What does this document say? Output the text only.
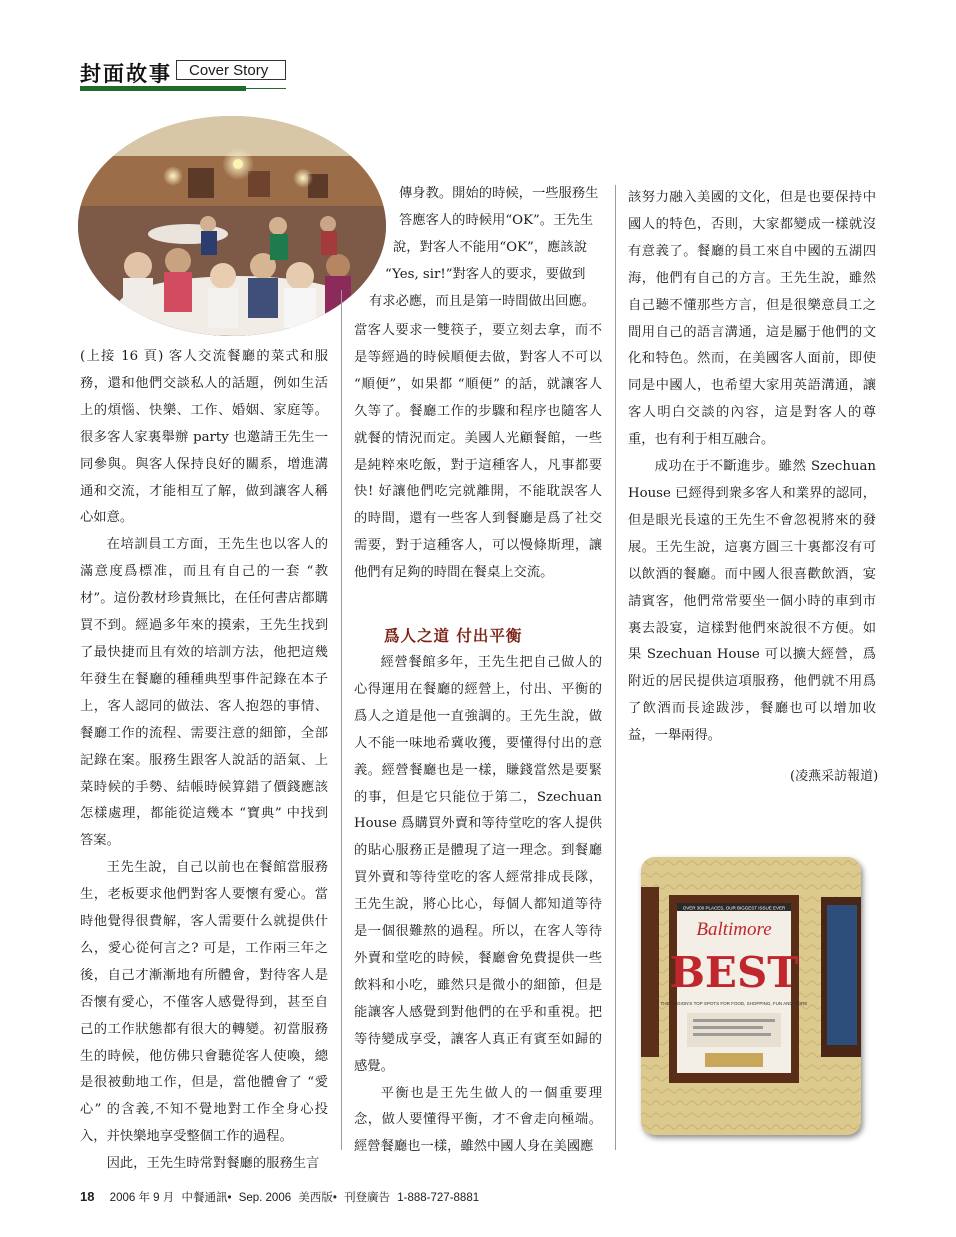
封面故事	Cover Story
傳身教。開始的時候，一些服務生
答應客人的時候用“OK”。王先生
說，對客人不能用“OK”，應該說
“Yes, sir!”對客人的要求，要做到
有求必應，而且是第一時間做出回應。

(上接 16 頁) 客人交流餐廳的菜式和服務，還和他們交談私人的話題，例如生活上的煩惱、快樂、工作、婚姻、家庭等。很多客人家裏舉辦 party 也邀請王先生一同參與。與客人保持良好的關系，增進溝通和交流，才能相互了解，做到讓客人稱心如意。

在培訓員工方面，王先生也以客人的滿意度爲標准，而且有自己的一套 “教材”。這份教材珍貴無比，在任何書店都購買不到。經過多年來的摸索，王先生找到了最快捷而且有效的培訓方法，他把這幾年發生在餐廳的種種典型事件記錄在本子上，客人認同的做法、客人抱怨的事情、餐廳工作的流程、需要注意的細節，全部記錄在案。服務生跟客人說話的語氣、上菜時候的手勢、結帳時候算錯了價錢應該怎樣處理，都能從這幾本 “寶典” 中找到答案。

王先生說，自己以前也在餐館當服務生，老板要求他們對客人要懷有愛心。當時他覺得很費解，客人需要什么就提供什么，愛心從何言之? 可是，工作兩三年之後，自己才漸漸地有所體會，對待客人是否懷有愛心，不僅客人感覺得到，甚至自己的工作狀態都有很大的轉變。初當服務生的時候，他仿佛只會聽從客人使喚，總是很被動地工作，但是，當他體會了 “愛心” 的含義,不知不覺地對工作全身心投入，并快樂地享受整個工作的過程。

因此，王先生時常對餐廳的服務生言

當客人要求一雙筷子，要立刻去拿，而不是等經過的時候順便去做，對客人不可以 “順便”，如果都 “順便” 的話，就讓客人久等了。餐廳工作的步驟和程序也隨客人就餐的情況而定。美國人光顧餐館，一些是純粹來吃飯，對于這種客人，凡事都要快! 好讓他們吃完就離開，不能耽誤客人的時間，還有一些客人到餐廳是爲了社交需要，對于這種客人，可以慢條斯理，讓他們有足夠的時間在餐桌上交流。

爲人之道 付出平衡

經營餐館多年，王先生把自己做人的心得運用在餐廳的經營上，付出、平衡的爲人之道是他一直強調的。王先生說，做人不能一味地希冀收獲，要懂得付出的意義。經營餐廳也是一樣，賺錢當然是要緊的事，但是它只能位于第二，Szechuan House 爲購買外賣和等待堂吃的客人提供的貼心服務正是體現了這一理念。到餐廳買外賣和等待堂吃的客人經常排成長隊，王先生說，將心比心，每個人都知道等待是一個很難熬的過程。所以，在客人等待外賣和堂吃的時候，餐廳會免費提供一些飲料和小吃，雖然只是微小的細節，但是能讓客人感覺到對他們的在乎和重視。把等待變成享受，讓客人真正有賓至如歸的感覺。

平衡也是王先生做人的一個重要理念，做人要懂得平衡，才不會走向極端。經營餐廳也一樣，雖然中國人身在美國應

該努力融入美國的文化，但是也要保持中國人的特色，否則，大家都變成一樣就沒有意義了。餐廳的員工來自中國的五湖四海，他們有自己的方言。王先生說，雖然自己聽不懂那些方言，但是很樂意員工之間用自己的語言溝通，這是屬于他們的文化和特色。然而，在美國客人面前，即使同是中國人，也希望大家用英語溝通，讓客人明白交談的內容，這是對客人的尊重，也有利于相互融合。

成功在于不斷進步。雖然 Szechuan House 已經得到衆多客人和業界的認同，但是眼光長遠的王先生不會忽視將來的發展。王先生說，這裏方圓三十裏都沒有可以飲酒的餐廳。而中國人很喜歡飲酒，宴請賓客，他們常常要坐一個小時的車到市裏去設宴，這樣對他們來說很不方便。如果 Szechuan House 可以擴大經營，爲附近的居民提供這項服務，他們就不用爲了飲酒而長途跋涉，餐廳也可以增加收益，一舉兩得。

(凌燕采訪報道)
OVER 300 PLACES, OUR BIGGEST ISSUE EVER
Baltimore
BEST
THE REGION'S TOP SPOTS FOR FOOD, SHOPPING, FUN AND MORE
18 2006 年 9 月 中餐通訊• Sep. 2006 美西版• 刊登廣告 1-888-727-8881
